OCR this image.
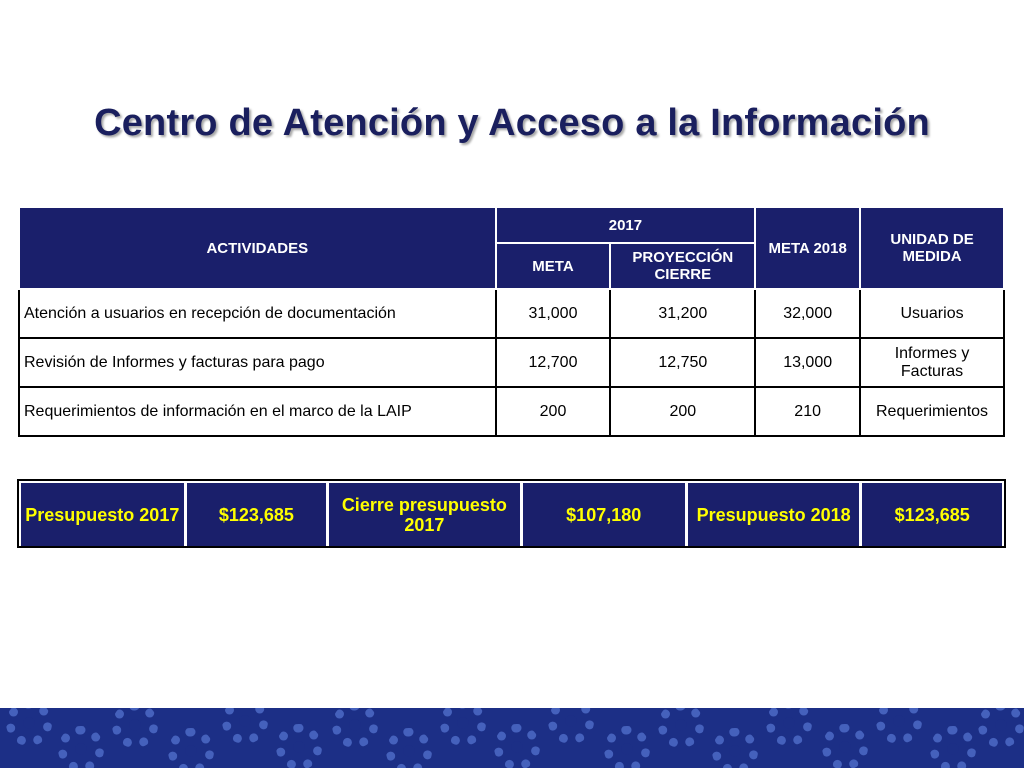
Centro de Atención y Acceso a la Información
ACTIVIDADES	2017		META 2018	UNIDAD DE MEDIDA
	META	PROYECCIÓN CIERRE		
Atención a usuarios en recepción de documentación	31,000	31,200	32,000	Usuarios
Revisión de Informes y facturas para pago	12,700	12,750	13,000	Informes y Facturas
Requerimientos de información en el marco de la LAIP	200	200	210	Requerimientos
Presupuesto 2017	$123,685	Cierre presupuesto 2017	$107,180	Presupuesto 2018	$123,685
